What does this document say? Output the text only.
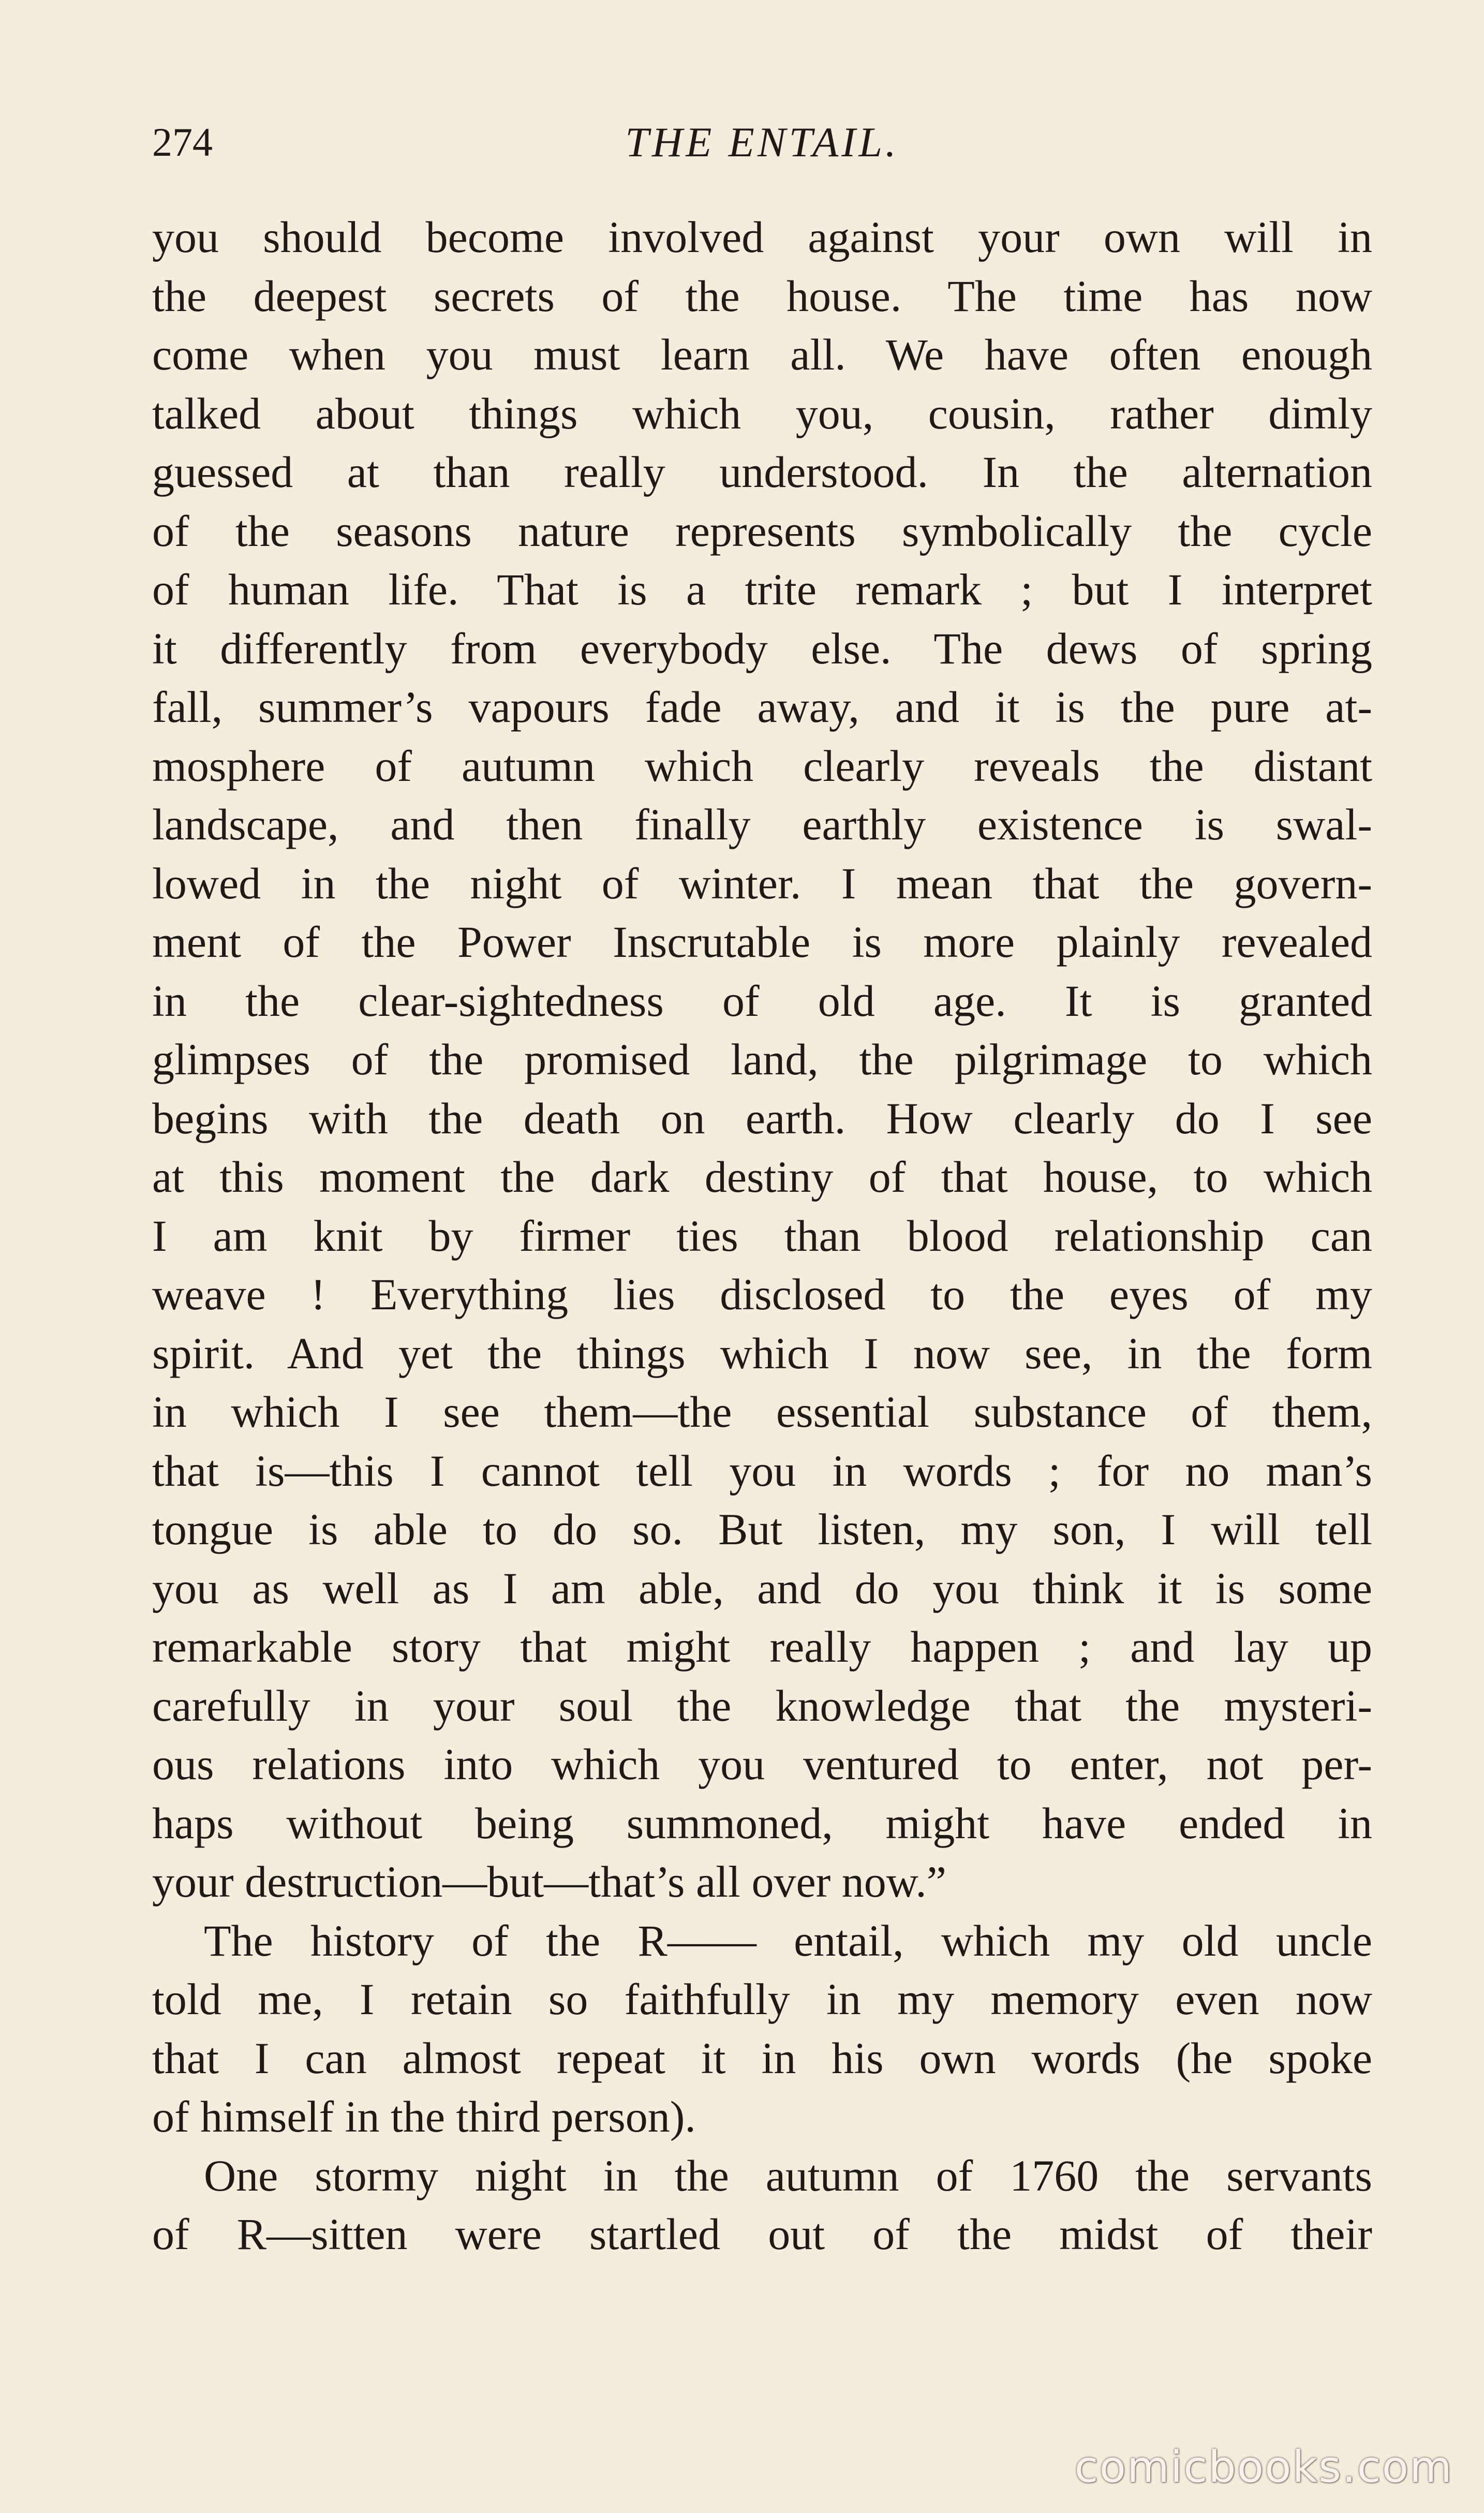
274	THE ENTAIL.
you should become involved against your own will in
the deepest secrets of the house. The time has now
come when you must learn all. We have often enough
talked about things which you, cousin, rather dimly
guessed at than really understood. In the alternation
of the seasons nature represents symbolically the cycle
of human life. That is a trite remark ; but I interpret
it differently from everybody else. The dews of spring
fall, summer’s vapours fade away, and it is the pure at-
mosphere of autumn which clearly reveals the distant
landscape, and then finally earthly existence is swal-
lowed in the night of winter. I mean that the govern-
ment of the Power Inscrutable is more plainly revealed
in the clear-sightedness of old age. It is granted
glimpses of the promised land, the pilgrimage to which
begins with the death on earth. How clearly do I see
at this moment the dark destiny of that house, to which
I am knit by firmer ties than blood relationship can
weave ! Everything lies disclosed to the eyes of my
spirit. And yet the things which I now see, in the form
in which I see them—the essential substance of them,
that is—this I cannot tell you in words ; for no man’s
tongue is able to do so. But listen, my son, I will tell
you as well as I am able, and do you think it is some
remarkable story that might really happen ; and lay up
carefully in your soul the knowledge that the mysteri-
ous relations into which you ventured to enter, not per-
haps without being summoned, might have ended in
your destruction—but—that’s all over now.”
The history of the R—— entail, which my old uncle
told me, I retain so faithfully in my memory even now
that I can almost repeat it in his own words (he spoke
of himself in the third person).
One stormy night in the autumn of 1760 the servants
of R—sitten were startled out of the midst of their
comicbooks.com
